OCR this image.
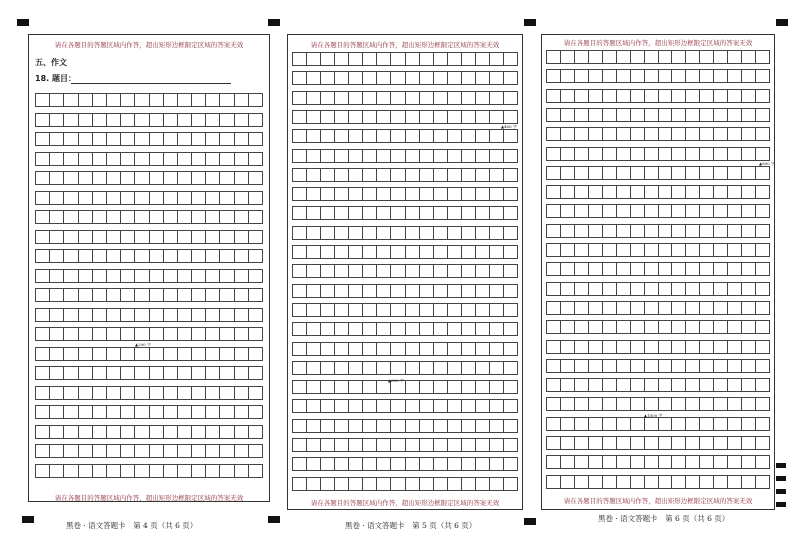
请在各题目的答题区域内作答，超出矩形边框限定区域的答案无效
五、作文
18. 题目：
▲200 字
请在各题目的答题区域内作答，超出矩形边框限定区域的答案无效
黑卷 · 语文答题卡　第 4 页（共 6 页）
请在各题目的答题区域内作答，超出矩形边框限定区域的答案无效
▲400 字
▲600 字
请在各题目的答题区域内作答，超出矩形边框限定区域的答案无效
黑卷 · 语文答题卡　第 5 页（共 6 页）
请在各题目的答题区域内作答，超出矩形边框限定区域的答案无效
▲800 字
▲1000 字
请在各题目的答题区域内作答，超出矩形边框限定区域的答案无效
黑卷 · 语文答题卡　第 6 页（共 6 页）
